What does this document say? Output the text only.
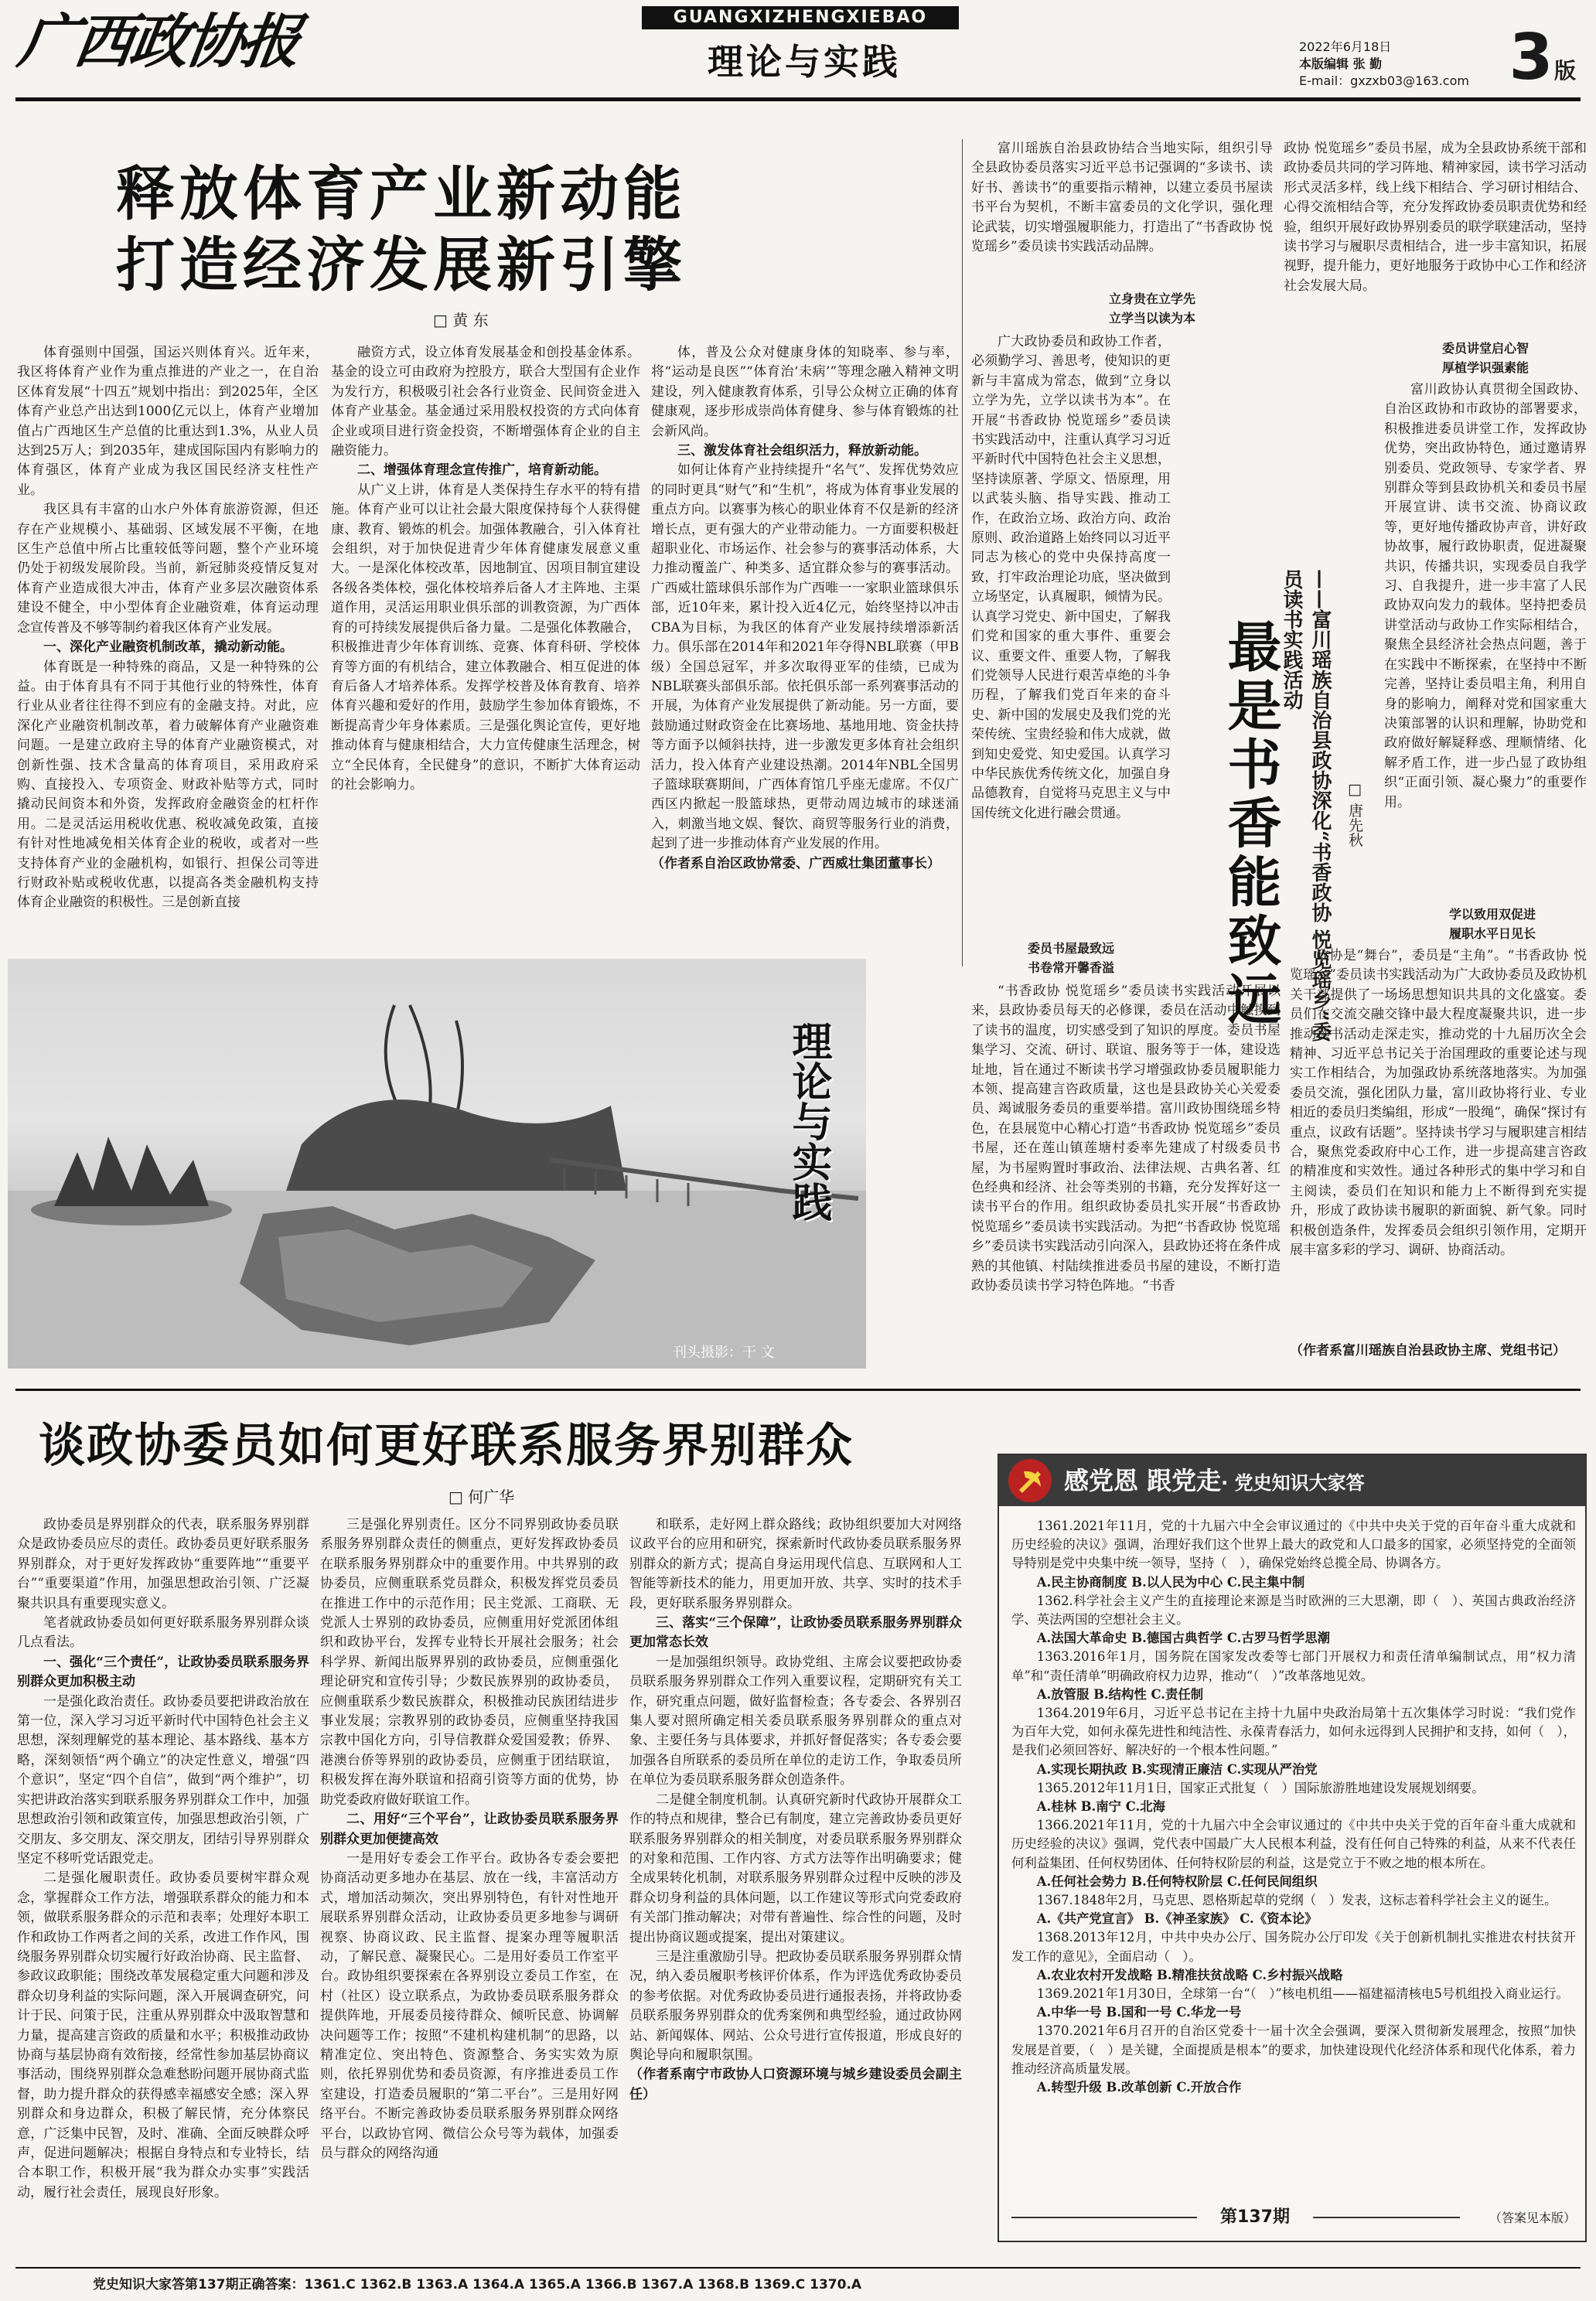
广西政协报	GUANGXIZHENGXIEBAO
理论与实践	2022年6月18日
本版编辑 张 勤
E-mail：gxzxb03@163.com 3 版
释放体育产业新动能
打造经济发展新引擎
□ 黄 东

体育强则中国强，国运兴则体育兴。近年来，我区将体育产业作为重点推进的产业之一，在自治区体育发展“十四五”规划中指出：到2025年，全区体育产业总产出达到1000亿元以上，体育产业增加值占广西地区生产总值的比重达到1.3%，从业人员达到25万人；到2035年，建成国际国内有影响力的体育强区，体育产业成为我区国民经济支柱性产业。

我区具有丰富的山水户外体育旅游资源，但还存在产业规模小、基础弱、区域发展不平衡，在地区生产总值中所占比重较低等问题，整个产业环境仍处于初级发展阶段。当前，新冠肺炎疫情反复对体育产业造成很大冲击，体育产业多层次融资体系建设不健全，中小型体育企业融资难，体育运动理念宣传普及不够等制约着我区体育产业发展。

一、深化产业融资机制改革，撬动新动能。

体育既是一种特殊的商品，又是一种特殊的公益。由于体育具有不同于其他行业的特殊性，体育行业从业者往往得不到应有的金融支持。对此，应深化产业融资机制改革，着力破解体育产业融资难问题。一是建立政府主导的体育产业融资模式，对创新性强、技术含量高的体育项目，采用政府采购、直接投入、专项资金、财政补贴等方式，同时撬动民间资本和外资，发挥政府金融资金的杠杆作用。二是灵活运用税收优惠、税收减免政策，直接有针对性地减免相关体育企业的税收，或者对一些支持体育产业的金融机构，如银行、担保公司等进行财政补贴或税收优惠，以提高各类金融机构支持体育企业融资的积极性。三是创新直接

融资方式，设立体育发展基金和创投基金体系。基金的设立可由政府为控股方，联合大型国有企业作为发行方，积极吸引社会各行业资金、民间资金进入体育产业基金。基金通过采用股权投资的方式向体育企业或项目进行资金投资，不断增强体育企业的自主融资能力。

二、增强体育理念宣传推广，培育新动能。

从广义上讲，体育是人类保持生存水平的特有措施。体育产业可以让社会最大限度保持每个人获得健康、教育、锻炼的机会。加强体教融合，引入体育社会组织，对于加快促进青少年体育健康发展意义重大。一是深化体校改革，因地制宜、因项目制宜建设各级各类体校，强化体校培养后备人才主阵地、主渠道作用，灵活运用职业俱乐部的训教资源，为广西体育的可持续发展提供后备力量。二是强化体教融合，积极推进青少年体育训练、竞赛、体育科研、学校体育等方面的有机结合，建立体教融合、相互促进的体育后备人才培养体系。发挥学校普及体育教育、培养体育兴趣和爱好的作用，鼓励学生参加体育锻炼，不断提高青少年身体素质。三是强化舆论宣传，更好地推动体育与健康相结合，大力宣传健康生活理念，树立“全民体育，全民健身”的意识，不断扩大体育运动的社会影响力。

体，普及公众对健康身体的知晓率、参与率，将“运动是良医”“体育治‘未病’”等理念融入精神文明建设，列入健康教育体系，引导公众树立正确的体育健康观，逐步形成崇尚体育健身、参与体育锻炼的社会新风尚。

三、激发体育社会组织活力，释放新动能。

如何让体育产业持续提升“名气”、发挥优势效应的同时更具“财气”和“生机”，将成为体育事业发展的重点方向。以赛事为核心的职业体育不仅是新的经济增长点，更有强大的产业带动能力。一方面要积极赶超职业化、市场运作、社会参与的赛事活动体系，大力推动覆盖广、种类多、适宜群众参与的赛事活动。广西威壮篮球俱乐部作为广西唯一一家职业篮球俱乐部，近10年来，累计投入近4亿元，始终坚持以冲击CBA为目标，为我区的体育产业发展持续增添新活力。俱乐部在2014年和2021年夺得NBL联赛（甲B级）全国总冠军，并多次取得亚军的佳绩，已成为NBL联赛头部俱乐部。依托俱乐部一系列赛事活动的开展，为体育产业发展提供了新动能。另一方面，要鼓励通过财政资金在比赛场地、基地用地、资金扶持等方面予以倾斜扶持，进一步激发更多体育社会组织活力，投入体育产业建设热潮。2014年NBL全国男子篮球联赛期间，广西体育馆几乎座无虚席。不仅广西区内掀起一股篮球热，更带动周边城市的球迷涌入，刺激当地文娱、餐饮、商贸等服务行业的消费，起到了进一步推动体育产业发展的作用。

（作者系自治区政协常委、广西威壮集团董事长）

理论与实践
刊头摄影：干 文

富川瑶族自治县政协结合当地实际，组织引导全县政协委员落实习近平总书记强调的“多读书、读好书、善读书”的重要指示精神，以建立委员书屋读书平台为契机，不断丰富委员的文化学识，强化理论武装，切实增强履职能力，打造出了“书香政协 悦览瑶乡”委员读书实践活动品牌。

立身贵在立学先
立学当以读为本

广大政协委员和政协工作者，必须勤学习、善思考，使知识的更新与丰富成为常态，做到“立身以立学为先，立学以读书为本”。在开展“书香政协 悦览瑶乡”委员读书实践活动中，注重认真学习习近平新时代中国特色社会主义思想，坚持读原著、学原文、悟原理，用以武装头脑、指导实践、推动工作，在政治立场、政治方向、政治原则、政治道路上始终同以习近平同志为核心的党中央保持高度一致，打牢政治理论功底，坚决做到立场坚定，认真履职，倾情为民。认真学习党史、新中国史，了解我们党和国家的重大事件、重要会议、重要文件、重要人物，了解我们党领导人民进行艰苦卓绝的斗争历程，了解我们党百年来的奋斗史、新中国的发展史及我们党的光荣传统、宝贵经验和伟大成就，做到知史爱党、知史爱国。认真学习中华民族优秀传统文化，加强自身品德教育，自觉将马克思主义与中国传统文化进行融会贯通。

委员书屋最致远
书卷常开馨香溢

“书香政协 悦览瑶乡”委员读书实践活动开展以来，县政协委员每天的必修课，委员在活动中触摸到了读书的温度，切实感受到了知识的厚度。委员书屋集学习、交流、研讨、联谊、服务等于一体，建设选址地，旨在通过不断读书学习增强政协委员履职能力本领、提高建言咨政质量，这也是县政协关心关爱委员、竭诚服务委员的重要举措。富川政协围绕瑶乡特色，在县展览中心精心打造“书香政协 悦览瑶乡”委员书屋，还在莲山镇莲塘村委率先建成了村级委员书屋，为书屋购置时事政治、法律法规、古典名著、红色经典和经济、社会等类别的书籍，充分发挥好这一读书平台的作用。组织政协委员扎实开展“书香政协 悦览瑶乡”委员读书实践活动。为把“书香政协 悦览瑶乡”委员读书实践活动引向深入，县政协还将在条件成熟的其他镇、村陆续推进委员书屋的建设，不断打造政协委员读书学习特色阵地。“书香

最是书香能致远	——富川瑶族自治县政协深化“书香政协 悦览瑶乡”委员读书实践活动
□ 唐先秋

政协 悦览瑶乡”委员书屋，成为全县政协系统干部和政协委员共同的学习阵地、精神家园，读书学习活动形式灵活多样，线上线下相结合、学习研讨相结合、心得交流相结合等，充分发挥政协委员职责优势和经验，组织开展好政协界别委员的联学联建活动，坚持读书学习与履职尽责相结合，进一步丰富知识，拓展视野，提升能力，更好地服务于政协中心工作和经济社会发展大局。

委员讲堂启心智
厚植学识强素能

富川政协认真贯彻全国政协、自治区政协和市政协的部署要求，积极推进委员讲堂工作，发挥政协优势，突出政协特色，通过邀请界别委员、党政领导、专家学者、界别群众等到县政协机关和委员书屋开展宣讲、读书交流、协商议政等，更好地传播政协声音，讲好政协故事，履行政协职责，促进凝聚共识，传播共识，实现委员自我学习、自我提升，进一步丰富了人民政协双向发力的载体。坚持把委员讲堂活动与政协工作实际相结合，聚焦全县经济社会热点问题，善于在实践中不断探索，在坚持中不断完善，坚持让委员唱主角，利用自身的影响力，阐释对党和国家重大决策部署的认识和理解，协助党和政府做好解疑释惑、理顺情绪、化解矛盾工作，进一步凸显了政协组织“正面引领、凝心聚力”的重要作用。

学以致用双促进
履职水平日见长

政协是“舞台”，委员是“主角”。“书香政协 悦览瑶乡”委员读书实践活动为广大政协委员及政协机关干部提供了一场场思想知识共具的文化盛宴。委员们在交流交融交锋中最大程度凝聚共识，进一步推动读书活动走深走实，推动党的十九届历次全会精神、习近平总书记关于治国理政的重要论述与现实工作相结合，为加强政协系统落地落实。为加强委员交流，强化团队力量，富川政协将行业、专业相近的委员归类编组，形成“一股绳”，确保“探讨有重点，议政有话题”。坚持读书学习与履职建言相结合，聚焦党委政府中心工作，进一步提高建言咨政的精准度和实效性。通过各种形式的集中学习和自主阅读，委员们在知识和能力上不断得到充实提升，形成了政协读书履职的新面貌、新气象。同时积极创造条件，发挥委员会组织引领作用，定期开展丰富多彩的学习、调研、协商活动。

（作者系富川瑶族自治县政协主席、党组书记）

谈政协委员如何更好联系服务界别群众
□ 何广华

政协委员是界别群众的代表，联系服务界别群众是政协委员应尽的责任。政协委员更好联系服务界别群众，对于更好发挥政协“重要阵地”“重要平台”“重要渠道”作用，加强思想政治引领、广泛凝聚共识具有重要现实意义。

笔者就政协委员如何更好联系服务界别群众谈几点看法。

一、强化“三个责任”，让政协委员联系服务界别群众更加积极主动

一是强化政治责任。政协委员要把讲政治放在第一位，深入学习习近平新时代中国特色社会主义思想，深刻理解党的基本理论、基本路线、基本方略，深刻领悟“两个确立”的决定性意义，增强“四个意识”，坚定“四个自信”，做到“两个维护”，切实把讲政治落实到联系服务界别群众工作中，加强思想政治引领和政策宣传，加强思想政治引领，广交朋友、多交朋友、深交朋友，团结引导界别群众坚定不移听党话跟党走。

二是强化履职责任。政协委员要树牢群众观念，掌握群众工作方法，增强联系群众的能力和本领，做联系服务群众的示范和表率；处理好本职工作和政协工作两者之间的关系，改进工作作风，围绕服务界别群众切实履行好政治协商、民主监督、参政议政职能；围绕改革发展稳定重大问题和涉及群众切身利益的实际问题，深入开展调查研究，问计于民、问策于民，注重从界别群众中汲取智慧和力量，提高建言资政的质量和水平；积极推动政协协商与基层协商有效衔接，经常性参加基层协商议事活动，围绕界别群众急难愁盼问题开展协商式监督，助力提升群众的获得感幸福感安全感；深入界别群众和身边群众，积极了解民情，充分体察民意，广泛集中民智，及时、准确、全面反映群众呼声，促进问题解决；根据自身特点和专业特长，结合本职工作，积极开展“我为群众办实事”实践活动，履行社会责任，展现良好形象。

三是强化界别责任。区分不同界别政协委员联系服务界别群众责任的侧重点，更好发挥政协委员在联系服务界别群众中的重要作用。中共界别的政协委员，应侧重联系党员群众，积极发挥党员委员在推进工作中的示范作用；民主党派、工商联、无党派人士界别的政协委员，应侧重用好党派团体组织和政协平台，发挥专业特长开展社会服务；社会科学界、新闻出版界界别的政协委员，应侧重强化理论研究和宣传引导；少数民族界别的政协委员，应侧重联系少数民族群众，积极推动民族团结进步事业发展；宗教界别的政协委员，应侧重坚持我国宗教中国化方向，引导信教群众爱国爱教；侨界、港澳台侨等界别的政协委员，应侧重于团结联谊，积极发挥在海外联谊和招商引资等方面的优势，协助党委政府做好联谊工作。

二、用好“三个平台”，让政协委员联系服务界别群众更加便捷高效

一是用好专委会工作平台。政协各专委会要把协商活动更多地办在基层、放在一线，丰富活动方式，增加活动频次，突出界别特色，有针对性地开展联系界别群众活动，让政协委员更多地参与调研视察、协商议政、民主监督、提案办理等履职活动，了解民意、凝聚民心。二是用好委员工作室平台。政协组织要探索在各界别设立委员工作室，在村（社区）设立联系点，为政协委员联系服务群众提供阵地，开展委员接待群众、倾听民意、协调解决问题等工作；按照“不建机构建机制”的思路，以精准定位、突出特色、资源整合、务实实效为原则，依托界别优势和委员资源，有序推进委员工作室建设，打造委员履职的“第二平台”。三是用好网络平台。不断完善政协委员联系服务界别群众网络平台，以政协官网、微信公众号等为载体，加强委员与群众的网络沟通

和联系，走好网上群众路线；政协组织要加大对网络议政平台的应用和研究，探索新时代政协委员联系服务界别群众的新方式；提高自身运用现代信息、互联网和人工智能等新技术的能力，用更加开放、共享、实时的技术手段，更好联系服务界别群众。

三、落实“三个保障”，让政协委员联系服务界别群众更加常态长效

一是加强组织领导。政协党组、主席会议要把政协委员联系服务界别群众工作列入重要议程，定期研究有关工作，研究重点问题，做好监督检查；各专委会、各界别召集人要对照所确定相关委员联系服务界别群众的重点对象、主要任务与具体要求，并抓好督促落实；各专委会要加强各自所联系的委员所在单位的走访工作，争取委员所在单位为委员联系服务群众创造条件。

二是健全制度机制。认真研究新时代政协开展群众工作的特点和规律，整合已有制度，建立完善政协委员更好联系服务界别群众的相关制度，对委员联系服务界别群众的对象和范围、工作内容、方式方法等作出明确要求；健全成果转化机制，对联系服务界别群众过程中反映的涉及群众切身利益的具体问题，以工作建议等形式向党委政府有关部门推动解决；对带有普遍性、综合性的问题，及时提出协商议题或提案，提出对策建议。

三是注重激励引导。把政协委员联系服务界别群众情况，纳入委员履职考核评价体系，作为评选优秀政协委员的参考依据。对优秀政协委员进行通报表扬，并将政协委员联系服务界别群众的优秀案例和典型经验，通过政协网站、新闻媒体、网站、公众号进行宣传报道，形成良好的舆论导向和履职氛围。

（作者系南宁市政协人口资源环境与城乡建设委员会副主任）

感党恩 跟党走· 党史知识大家答

1361.2021年11月，党的十九届六中全会审议通过的《中共中央关于党的百年奋斗重大成就和历史经验的决议》强调，治理好我们这个世界上最大的政党和人口最多的国家，必须坚持党的全面领导特别是党中央集中统一领导，坚持（　），确保党始终总揽全局、协调各方。

A.民主协商制度 B.以人民为中心 C.民主集中制

1362.科学社会主义产生的直接理论来源是当时欧洲的三大思潮，即（　）、英国古典政治经济学、英法两国的空想社会主义。

A.法国大革命史 B.德国古典哲学 C.古罗马哲学思潮

1363.2016年1月，国务院在国家发改委等七部门开展权力和责任清单编制试点，用“权力清单”和“责任清单”明确政府权力边界，推动“（　）”改革落地见效。

A.放管服 B.结构性 C.责任制

1364.2019年6月，习近平总书记在主持十九届中央政治局第十五次集体学习时说：“我们党作为百年大党，如何永葆先进性和纯洁性、永葆青春活力，如何永远得到人民拥护和支持，如何（　），是我们必须回答好、解决好的一个根本性问题。”

A.实现长期执政 B.实现清正廉洁 C.实现从严治党

1365.2012年11月1日，国家正式批复（　）国际旅游胜地建设发展规划纲要。

A.桂林 B.南宁 C.北海

1366.2021年11月，党的十九届六中全会审议通过的《中共中央关于党的百年奋斗重大成就和历史经验的决议》强调，党代表中国最广大人民根本利益，没有任何自己特殊的利益，从来不代表任何利益集团、任何权势团体、任何特权阶层的利益，这是党立于不败之地的根本所在。

A.任何社会势力 B.任何特权阶层 C.任何民间组织

1367.1848年2月，马克思、恩格斯起草的党纲（　）发表，这标志着科学社会主义的诞生。

A.《共产党宣言》 B.《神圣家族》 C.《资本论》

1368.2013年12月，中共中央办公厅、国务院办公厅印发《关于创新机制扎实推进农村扶贫开发工作的意见》，全面启动（　）。

A.农业农村开发战略 B.精准扶贫战略 C.乡村振兴战略

1369.2021年1月30日，全球第一台“（　）”核电机组——福建福清核电5号机组投入商业运行。

A.中华一号 B.国和一号 C.华龙一号

1370.2021年6月召开的自治区党委十一届十次全会强调，要深入贯彻新发展理念，按照“加快发展是首要，（　）是关键，全面提质是根本”的要求，加快建设现代化经济体系和现代化体系，着力推动经济高质量发展。

A.转型升级 B.改革创新 C.开放合作

第137期	（答案见本版）
党史知识大家答第137期正确答案：1361.C 1362.B 1363.A 1364.A 1365.A 1366.B 1367.A 1368.B 1369.C 1370.A
